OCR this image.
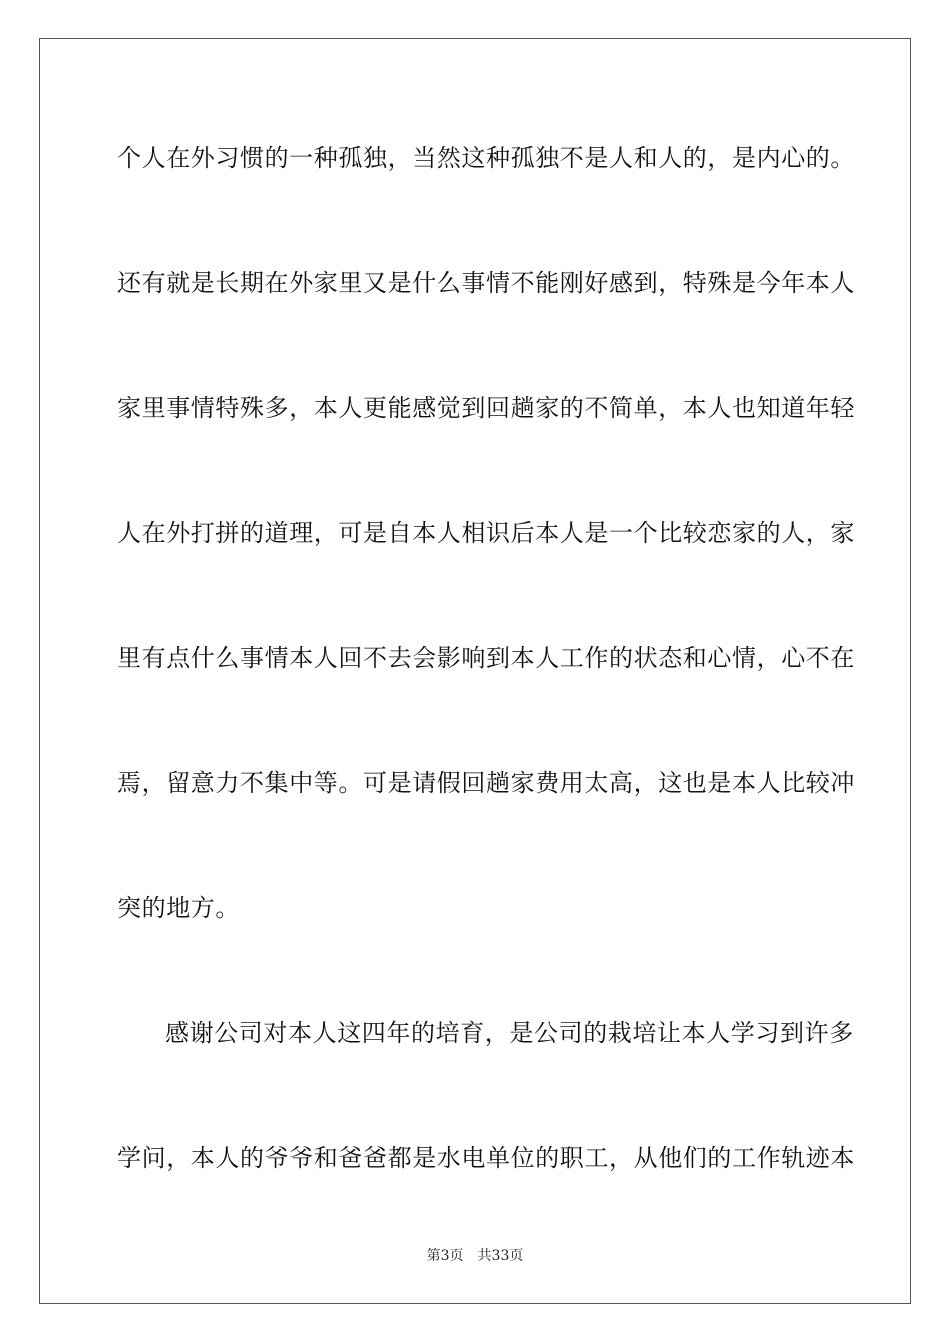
个人在外习惯的一种孤独，当然这种孤独不是人和人的，是内心的。
还有就是长期在外家里又是什么事情不能刚好感到，特殊是今年本人
家里事情特殊多，本人更能感觉到回趟家的不简单，本人也知道年轻
人在外打拼的道理，可是自本人相识后本人是一个比较恋家的人，家
里有点什么事情本人回不去会影响到本人工作的状态和心情，心不在
焉，留意力不集中等。可是请假回趟家费用太高，这也是本人比较冲
突的地方。
感谢公司对本人这四年的培育，是公司的栽培让本人学习到许多
学问，本人的爷爷和爸爸都是水电单位的职工，从他们的工作轨迹本
第3页 共33页
